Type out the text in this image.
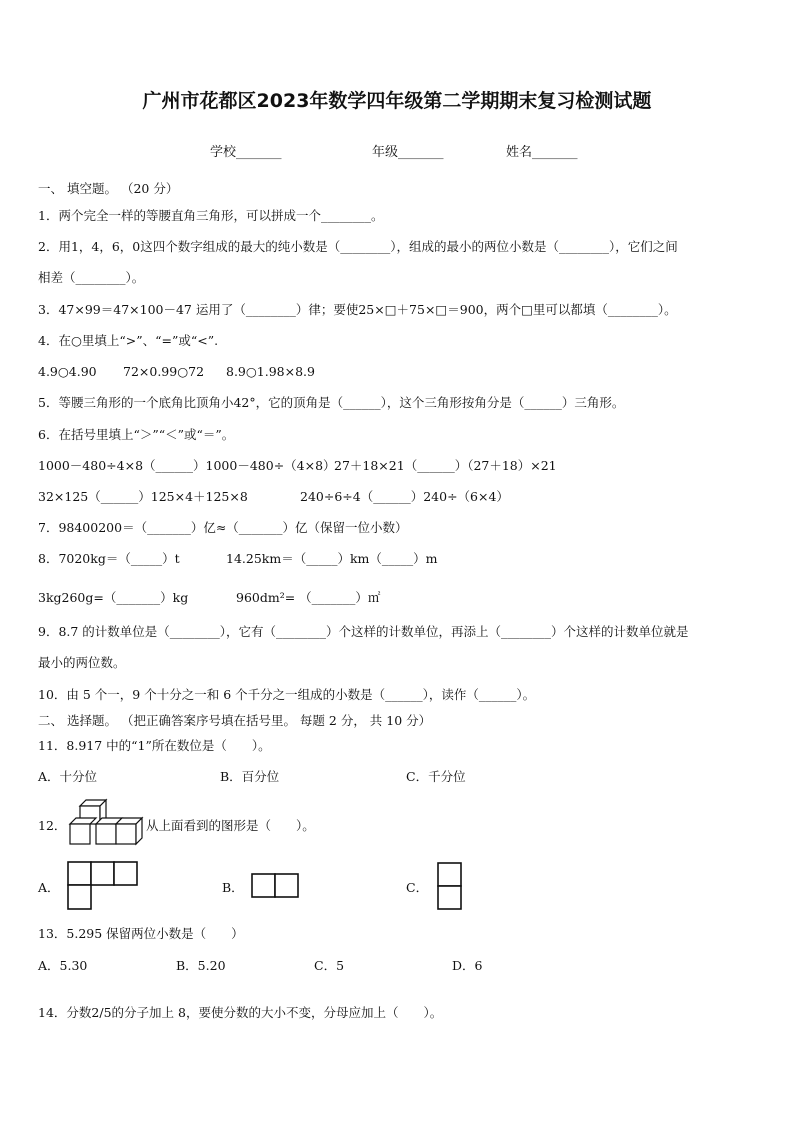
广州市花都区2023年数学四年级第二学期期末复习检测试题
学校_______	年级_______	姓名_______
一、 填空题。 （20 分）
1．两个完全一样的等腰直角三角形，可以拼成一个________。
2．用1，4，6，0这四个数字组成的最大的纯小数是（________），组成的最小的两位小数是（________），它们之间
相差（________）。
3．47×99＝47×100－47 运用了（________）律；要使25×□＋75×□＝900，两个□里可以都填（________）。
4．在○里填上“>”、“=”或“<”.
4.9○4.90 72×0.99○72 8.9○1.98×8.9
5．等腰三角形的一个底角比顶角小42°，它的顶角是（______），这个三角形按角分是（______）三角形。
6．在括号里填上“＞”“＜”或“＝”。
1000－480÷4×8（______）1000－480÷（4×8）
27＋18×21（______）（27＋18）×21
32×125（______）125×4＋125×8	240÷6÷4（______）240÷（6×4）
7．98400200＝（_______）亿≈（_______）亿（保留一位小数）
8．7020kg＝（_____）t	14.25km＝（_____）km（_____）m
3kg260g=（_______）kg	960dm²= （_______）㎡
9．8.7 的计数单位是（________），它有（________）个这样的计数单位，再添上（________）个这样的计数单位就是
最小的两位数。
10．由 5 个一，9 个十分之一和 6 个千分之一组成的小数是（______），读作（______）。
二、 选择题。 （把正确答案序号填在括号里。 每题 2 分， 共 10 分）
11．8.917 中的“1”所在数位是（　　）。
A．十分位	B．百分位	C．千分位
12．	从上面看到的图形是（　　）。
A．	B．	C．
13．5.295 保留两位小数是（　　）
A．5.30	B．5.20	C．5	D．6
14．分数2/5的分子加上 8，要使分数的大小不变，分母应加上（　　）。
